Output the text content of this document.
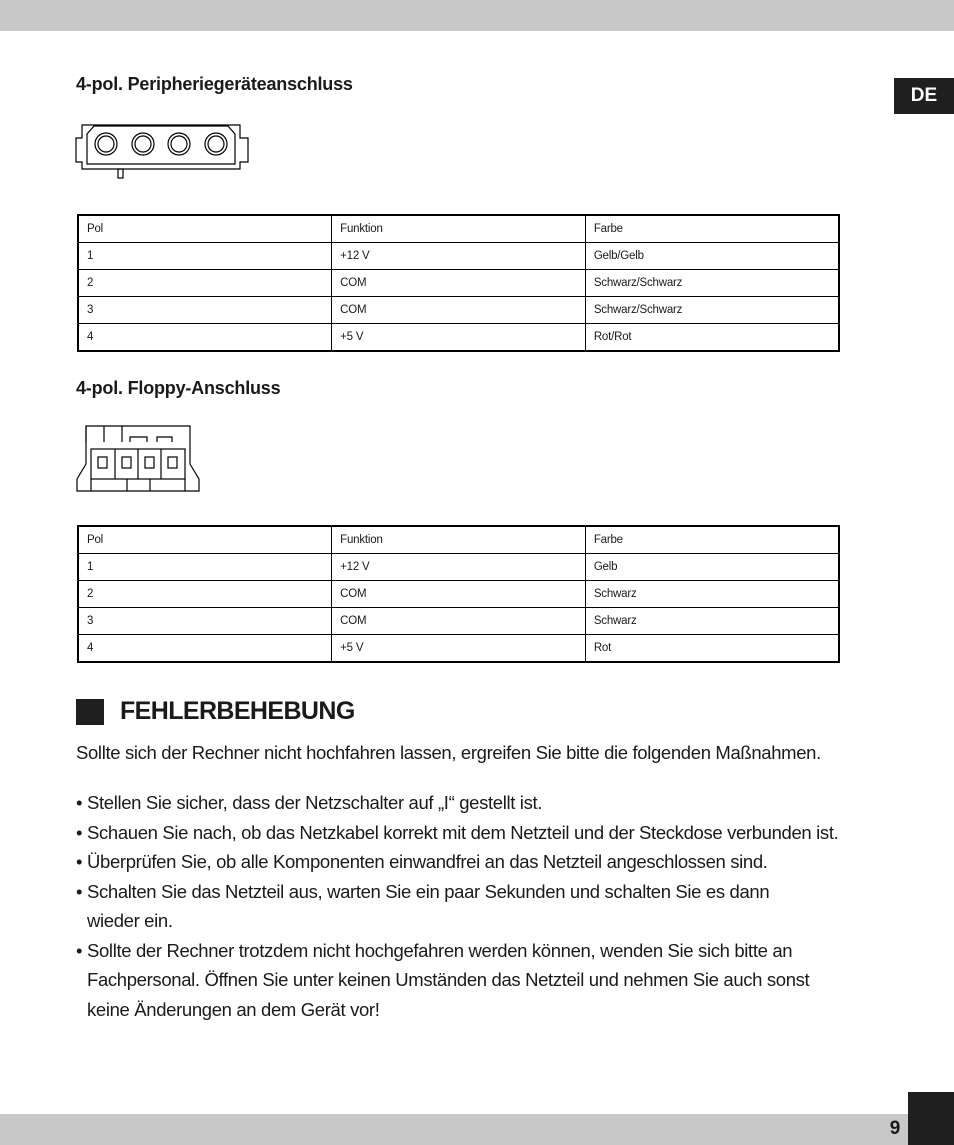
DE
4-pol. Peripheriegeräteanschluss
Pol	Funktion	Farbe
1	+12 V	Gelb/Gelb
2	COM	Schwarz/Schwarz
3	COM	Schwarz/Schwarz
4	+5 V	Rot/Rot
4-pol. Floppy-Anschluss
Pol	Funktion	Farbe
1	+12 V	Gelb
2	COM	Schwarz
3	COM	Schwarz
4	+5 V	Rot
FEHLERBEHEBUNG
Sollte sich der Rechner nicht hochfahren lassen, ergreifen Sie bitte die folgenden Maßnahmen.
• Stellen Sie sicher, dass der Netzschalter auf „I“ gestellt ist.
• Schauen Sie nach, ob das Netzkabel korrekt mit dem Netzteil und der Steckdose verbunden ist.
• Überprüfen Sie, ob alle Komponenten einwandfrei an das Netzteil angeschlossen sind.
• Schalten Sie das Netzteil aus, warten Sie ein paar Sekunden und schalten Sie es dann
wieder ein.
• Sollte der Rechner trotzdem nicht hochgefahren werden können, wenden Sie sich bitte an
Fachpersonal. Öffnen Sie unter keinen Umständen das Netzteil und nehmen Sie auch sonst
keine Änderungen an dem Gerät vor!
9
